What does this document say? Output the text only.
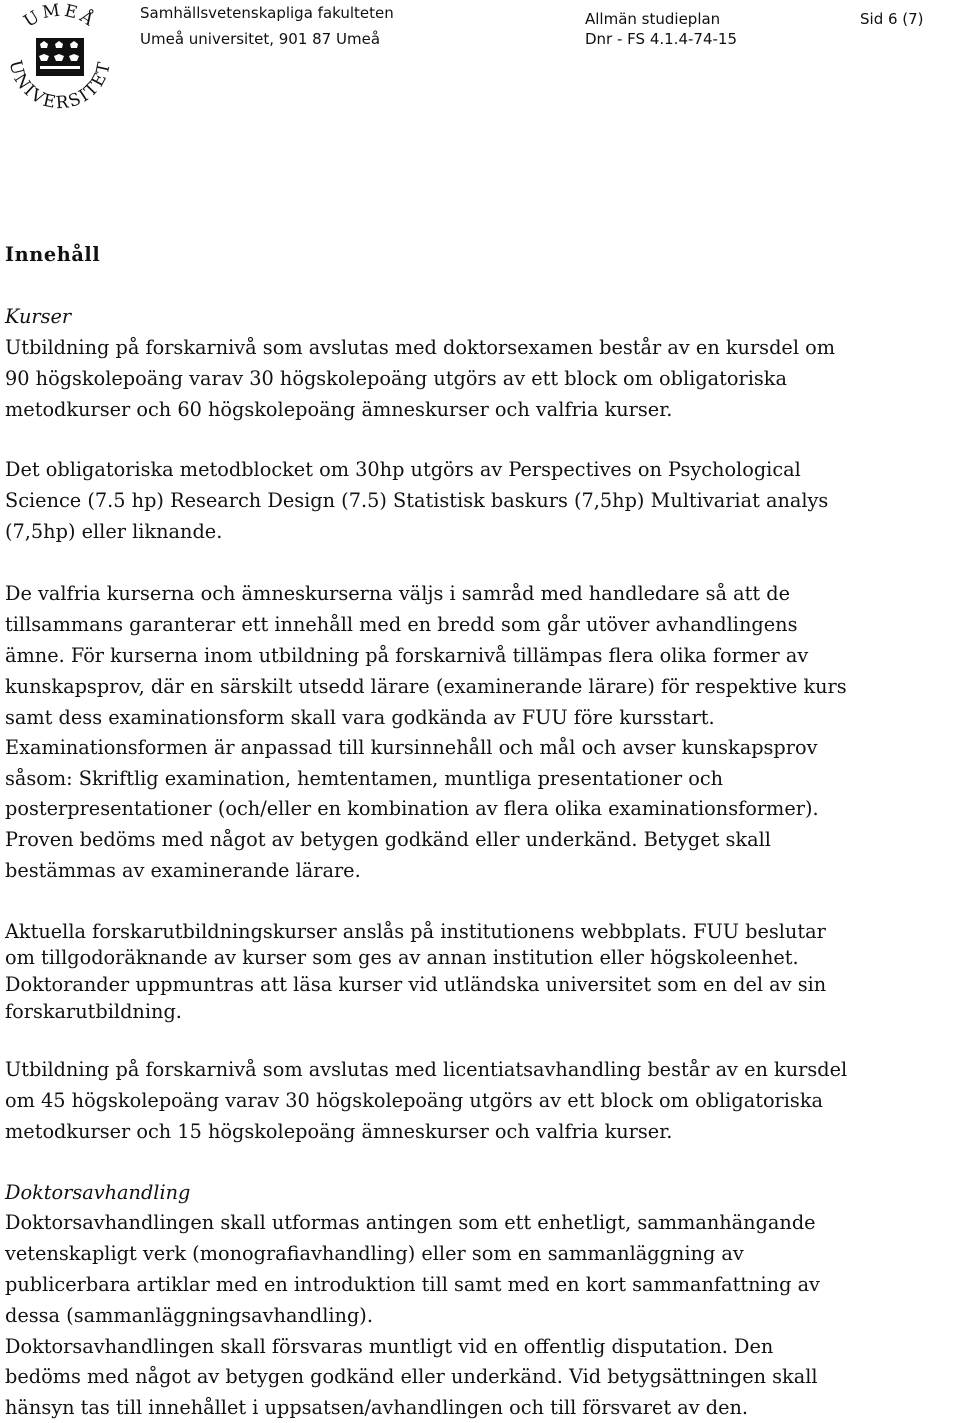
UMEÅ
UNIVERSITET
Samhällsvetenskapliga fakulteten
Umeå universitet, 901 87 Umeå
Allmän studieplan
Dnr - FS 4.1.4-74-15
Sid 6 (7)
Innehåll
Kurser
Utbildning på forskarnivå som avslutas med doktorsexamen består av en kursdel om
90 högskolepoäng varav 30 högskolepoäng utgörs av ett block om obligatoriska
metodkurser och 60 högskolepoäng ämneskurser och valfria kurser.
Det obligatoriska metodblocket om 30hp utgörs av Perspectives on Psychological
Science (7.5 hp) Research Design (7.5) Statistisk baskurs (7,5hp) Multivariat analys
(7,5hp) eller liknande.
De valfria kurserna och ämneskurserna väljs i samråd med handledare så att de
tillsammans garanterar ett innehåll med en bredd som går utöver avhandlingens
ämne. För kurserna inom utbildning på forskarnivå tillämpas flera olika former av
kunskapsprov, där en särskilt utsedd lärare (examinerande lärare) för respektive kurs
samt dess examinationsform skall vara godkända av FUU före kursstart.
Examinationsformen är anpassad till kursinnehåll och mål och avser kunskapsprov
såsom: Skriftlig examination, hemtentamen, muntliga presentationer och
posterpresentationer (och/eller en kombination av flera olika examinationsformer).
Proven bedöms med något av betygen godkänd eller underkänd. Betyget skall
bestämmas av examinerande lärare.
Aktuella forskarutbildningskurser anslås på institutionens webbplats. FUU beslutar
om tillgodoräknande av kurser som ges av annan institution eller högskoleenhet.
Doktorander uppmuntras att läsa kurser vid utländska universitet som en del av sin
forskarutbildning.
Utbildning på forskarnivå som avslutas med licentiatsavhandling består av en kursdel
om 45 högskolepoäng varav 30 högskolepoäng utgörs av ett block om obligatoriska
metodkurser och 15 högskolepoäng ämneskurser och valfria kurser.
Doktorsavhandling
Doktorsavhandlingen skall utformas antingen som ett enhetligt, sammanhängande
vetenskapligt verk (monografiavhandling) eller som en sammanläggning av
publicerbara artiklar med en introduktion till samt med en kort sammanfattning av
dessa (sammanläggningsavhandling).
Doktorsavhandlingen skall försvaras muntligt vid en offentlig disputation. Den
bedöms med något av betygen godkänd eller underkänd. Vid betygsättningen skall
hänsyn tas till innehållet i uppsatsen/avhandlingen och till försvaret av den.
